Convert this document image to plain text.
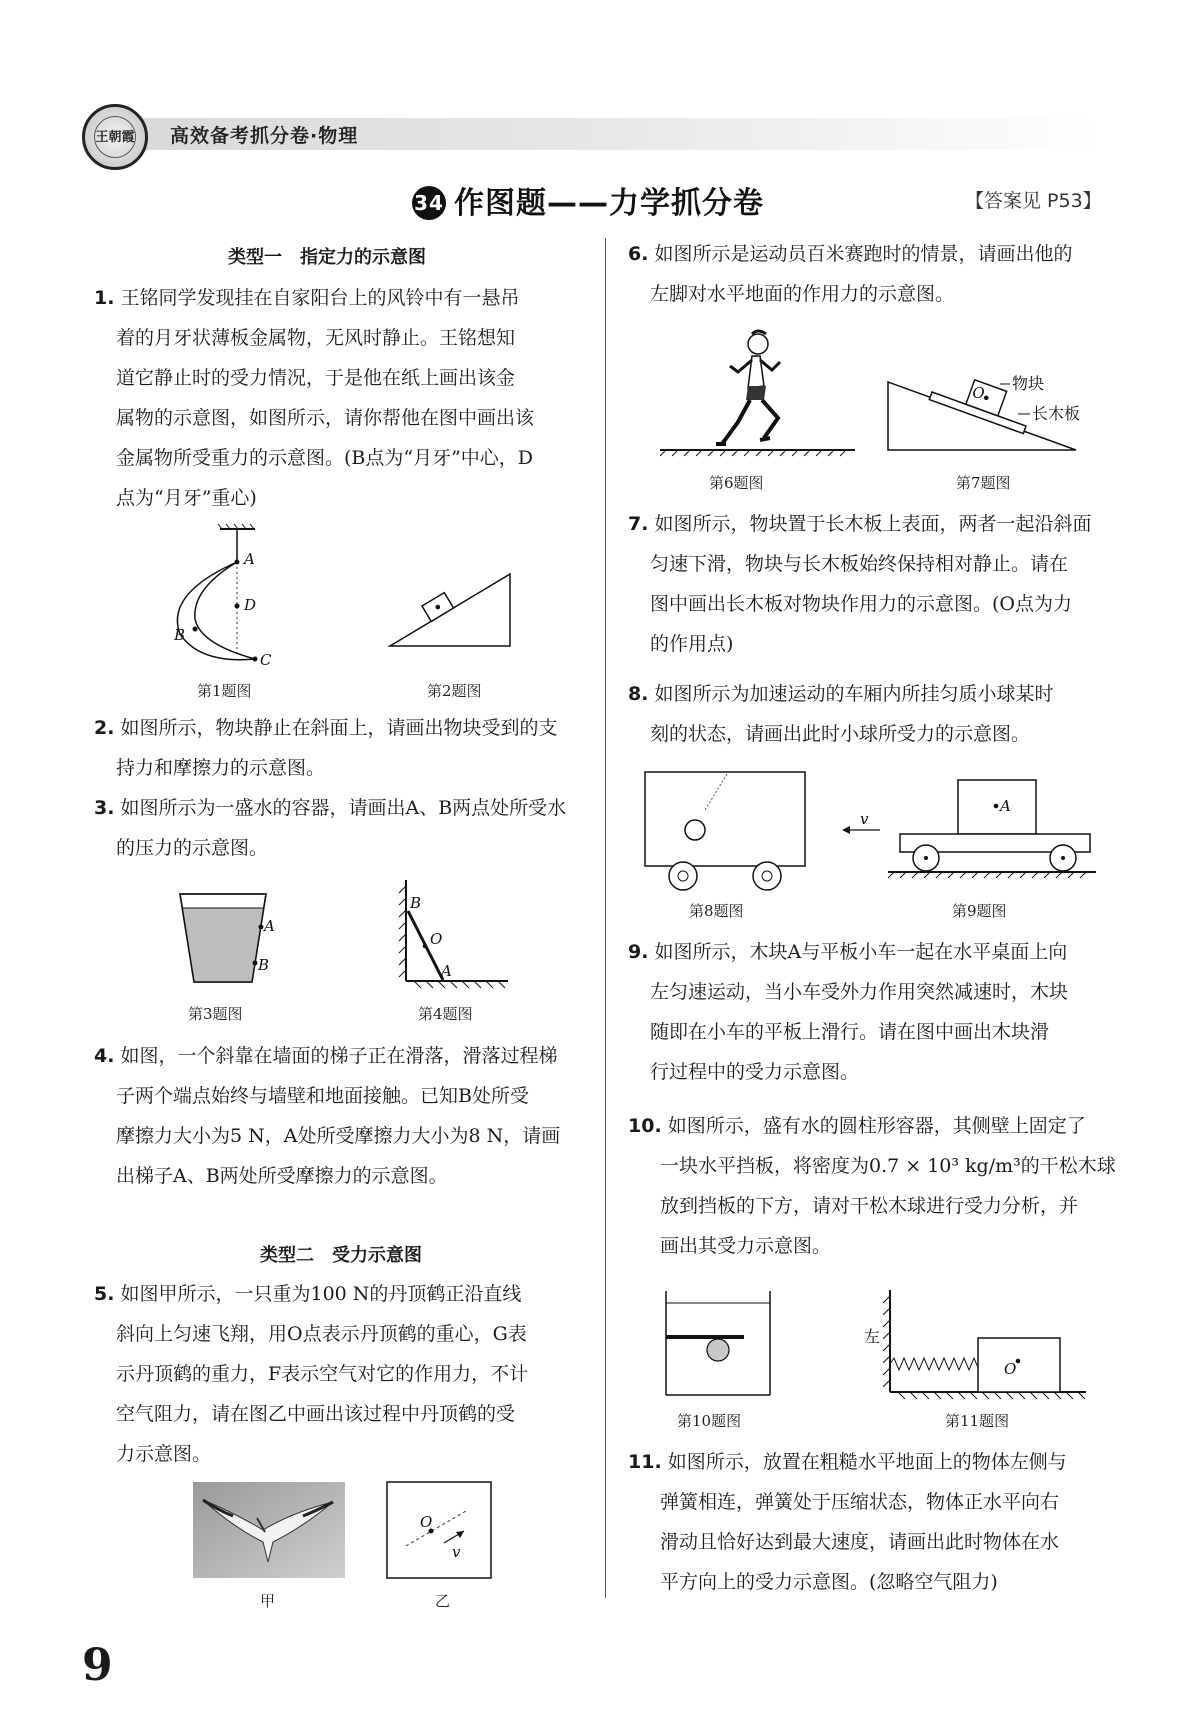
王朝霞 高效备考抓分卷·物理
34 作图题——力学抓分卷	【答案见 P53】
类型一　指定力的示意图
1. 王铭同学发现挂在自家阳台上的风铃中有一悬吊
着的月牙状薄板金属物，无风时静止。王铭想知
道它静止时的受力情况，于是他在纸上画出该金
属物的示意图，如图所示，请你帮他在图中画出该
金属物所受重力的示意图。(B点为“月牙”中心，D
点为“月牙”重心)
A
D
B
C
第1题图	第2题图
2. 如图所示，物块静止在斜面上，请画出物块受到的支
持力和摩擦力的示意图。
3. 如图所示为一盛水的容器，请画出A、B两点处所受水
的压力的示意图。
A
B
第3题图
B
O
A
第4题图
4. 如图，一个斜靠在墙面的梯子正在滑落，滑落过程梯
子两个端点始终与墙壁和地面接触。已知B处所受
摩擦力大小为5 N，A处所受摩擦力大小为8 N，请画
出梯子A、B两处所受摩擦力的示意图。
类型二　受力示意图
5. 如图甲所示，一只重为100 N的丹顶鹤正沿直线
斜向上匀速飞翔，用O点表示丹顶鹤的重心，G表
示丹顶鹤的重力，F表示空气对它的作用力，不计
空气阻力，请在图乙中画出该过程中丹顶鹤的受
力示意图。
甲
O
v
乙
9
6. 如图所示是运动员百米赛跑时的情景，请画出他的
左脚对水平地面的作用力的示意图。
第6题图
O
物块
长木板
第7题图
7. 如图所示，物块置于长木板上表面，两者一起沿斜面
匀速下滑，物块与长木板始终保持相对静止。请在
图中画出长木板对物块作用力的示意图。(O点为力
的作用点)
8. 如图所示为加速运动的车厢内所挂匀质小球某时
刻的状态，请画出此时小球所受力的示意图。
第8题图
A
v
第9题图
9. 如图所示，木块A与平板小车一起在水平桌面上向
左匀速运动，当小车受外力作用突然减速时，木块
随即在小车的平板上滑行。请在图中画出木块滑
行过程中的受力示意图。
10. 如图所示，盛有水的圆柱形容器，其侧壁上固定了
一块水平挡板，将密度为0.7 × 10³ kg/m³的干松木球
放到挡板的下方，请对干松木球进行受力分析，并
画出其受力示意图。
第10题图
O
左
第11题图
11. 如图所示，放置在粗糙水平地面上的物体左侧与
弹簧相连，弹簧处于压缩状态，物体正水平向右
滑动且恰好达到最大速度，请画出此时物体在水
平方向上的受力示意图。(忽略空气阻力)
